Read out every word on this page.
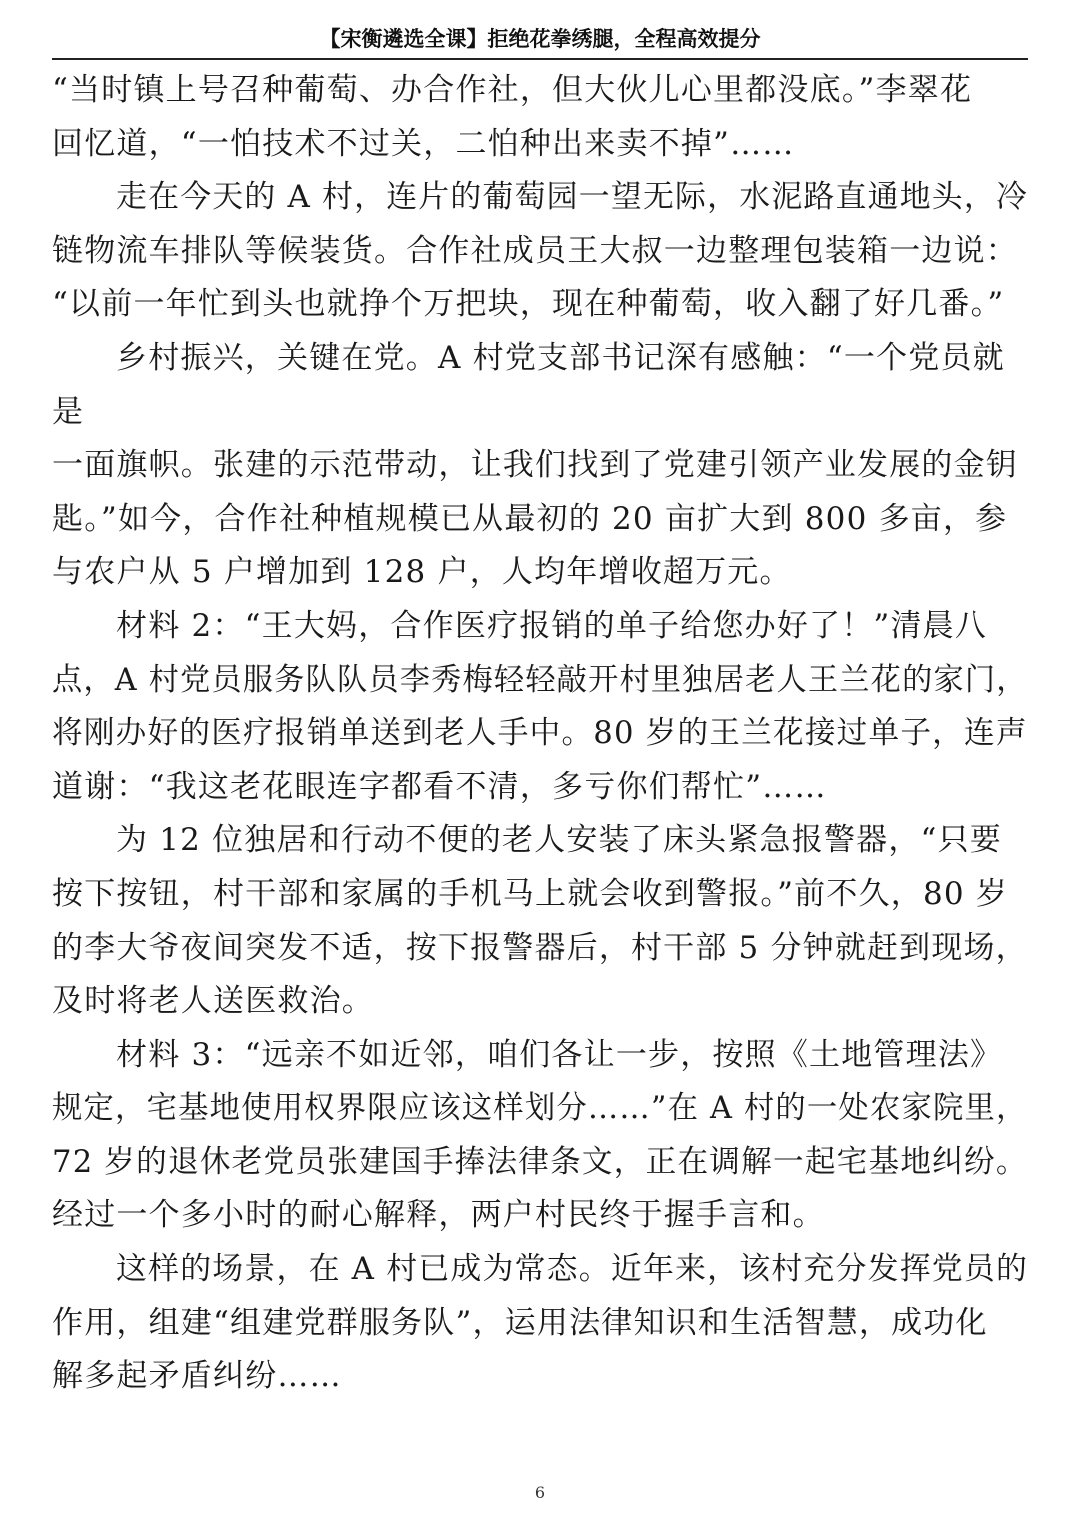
【宋衡遴选全课】拒绝花拳绣腿，全程高效提分
“当时镇上号召种葡萄、办合作社，但大伙儿心里都没底。”李翠花
回忆道，“一怕技术不过关，二怕种出来卖不掉”……
走在今天的 A 村，连片的葡萄园一望无际，水泥路直通地头，冷
链物流车排队等候装货。合作社成员王大叔一边整理包装箱一边说：
“以前一年忙到头也就挣个万把块，现在种葡萄，收入翻了好几番。”
乡村振兴，关键在党。A 村党支部书记深有感触：“一个党员就
是
一面旗帜。张建的示范带动，让我们找到了党建引领产业发展的金钥
匙。”如今，合作社种植规模已从最初的 20 亩扩大到 800 多亩，参
与农户从 5 户增加到 128 户，人均年增收超万元。
材料 2：“王大妈，合作医疗报销的单子给您办好了！”清晨八
点，A 村党员服务队队员李秀梅轻轻敲开村里独居老人王兰花的家门，
将刚办好的医疗报销单送到老人手中。80 岁的王兰花接过单子，连声
道谢：“我这老花眼连字都看不清，多亏你们帮忙”……
为 12 位独居和行动不便的老人安装了床头紧急报警器，“只要
按下按钮，村干部和家属的手机马上就会收到警报。”前不久，80 岁
的李大爷夜间突发不适，按下报警器后，村干部 5 分钟就赶到现场，
及时将老人送医救治。
材料 3：“远亲不如近邻，咱们各让一步，按照《土地管理法》
规定，宅基地使用权界限应该这样划分……”在 A 村的一处农家院里，
72 岁的退休老党员张建国手捧法律条文，正在调解一起宅基地纠纷。
经过一个多小时的耐心解释，两户村民终于握手言和。
这样的场景，在 A 村已成为常态。近年来，该村充分发挥党员的
作用，组建“组建党群服务队”，运用法律知识和生活智慧，成功化
解多起矛盾纠纷……
6
